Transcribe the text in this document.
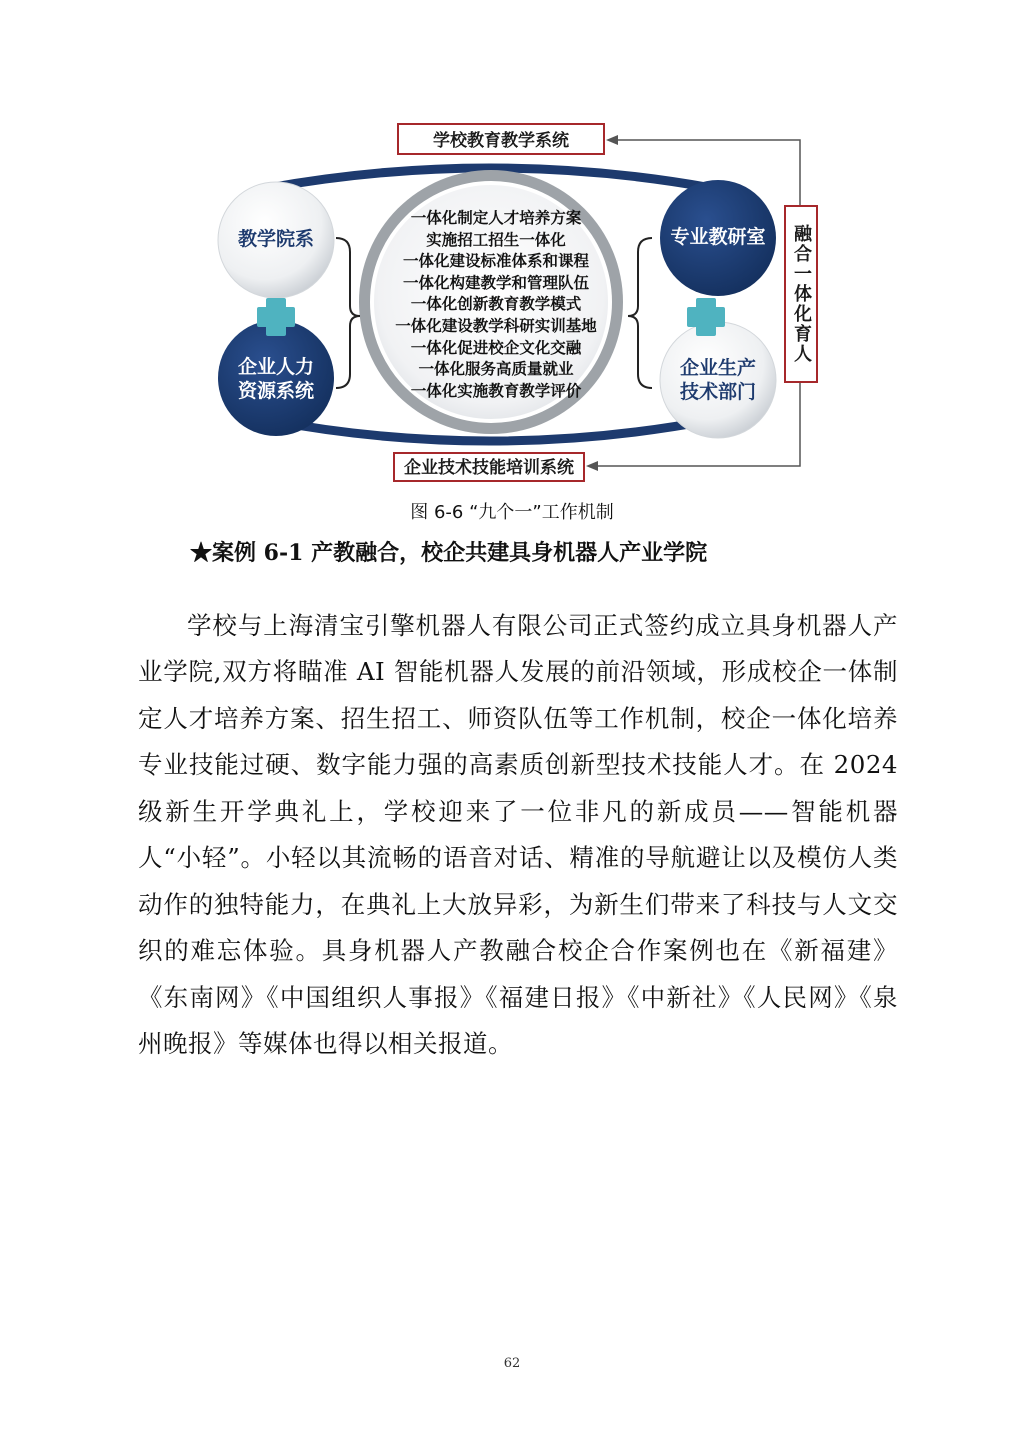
学校教育教学系统
企业技术技能培训系统
融合一体化育人
教学院系
企业人力
资源系统
专业教研室
企业生产
技术部门
一体化制定人才培养方案
实施招工招生一体化
一体化建设标准体系和课程
一体化构建教学和管理队伍
一体化创新教育教学模式
一体化建设教学科研实训基地
一体化促进校企文化交融
一体化服务高质量就业
一体化实施教育教学评价
图 6-6 “九个一”工作机制
★案例 6-1 产教融合，校企共建具身机器人产业学院

学校与上海清宝引擎机器人有限公司正式签约成立具身机器人产业学院,双方将瞄准 AI 智能机器人发展的前沿领域，形成校企一体制定人才培养方案、招生招工、师资队伍等工作机制，校企一体化培养专业技能过硬、数字能力强的高素质创新型技术技能人才。在 2024 级新生开学典礼上，学校迎来了一位非凡的新成员——智能机器人“小轻”。小轻以其流畅的语音对话、精准的导航避让以及模仿人类动作的独特能力，在典礼上大放异彩，为新生们带来了科技与人文交织的难忘体验。具身机器人产教融合校企合作案例也在《新福建》《东南网》《中国组织人事报》《福建日报》《中新社》《人民网》《泉州晚报》等媒体也得以相关报道。

62
